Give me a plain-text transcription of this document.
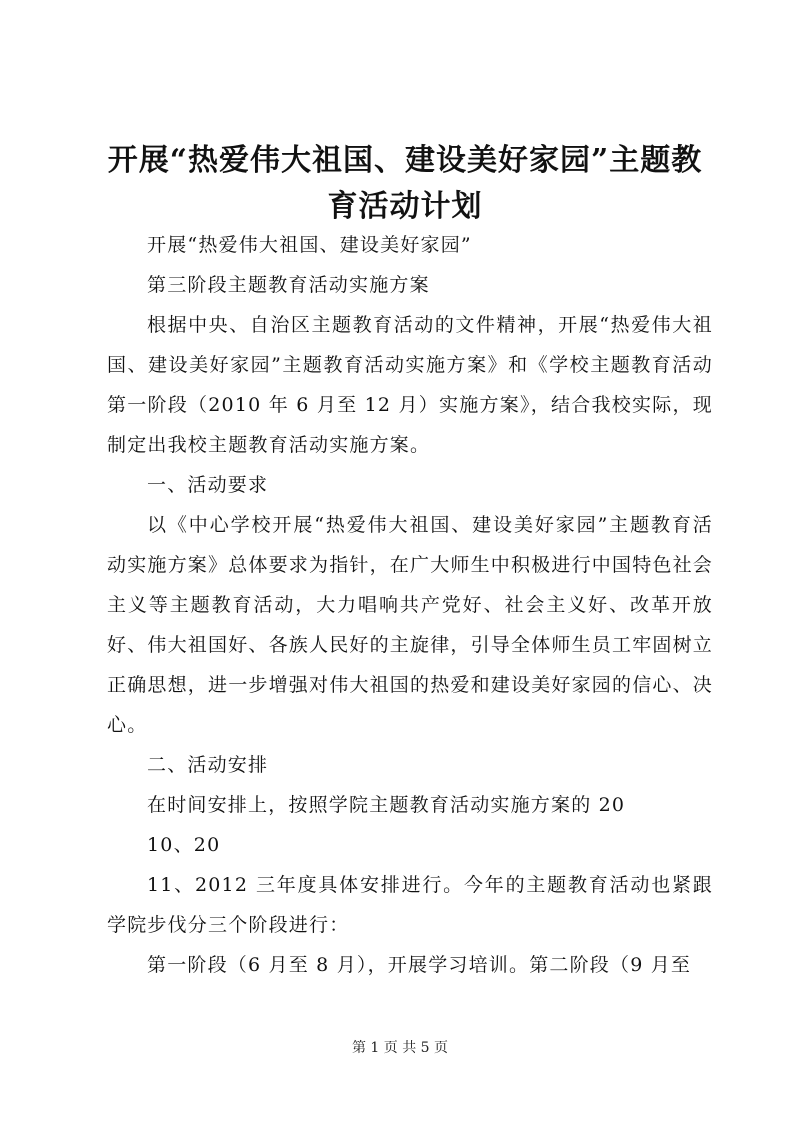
开展“热爱伟大祖国、建设美好家园”主题教育活动计划

开展“热爱伟大祖国、建设美好家园”

第三阶段主题教育活动实施方案

根据中央、自治区主题教育活动的文件精神，开展“热爱伟大祖国、建设美好家园”主题教育活动实施方案》和《学校主题教育活动第一阶段（2010 年 6 月至 12 月）实施方案》，结合我校实际，现制定出我校主题教育活动实施方案。

一、活动要求

以《中心学校开展“热爱伟大祖国、建设美好家园”主题教育活动实施方案》总体要求为指针，在广大师生中积极进行中国特色社会主义等主题教育活动，大力唱响共产党好、社会主义好、改革开放好、伟大祖国好、各族人民好的主旋律，引导全体师生员工牢固树立正确思想，进一步增强对伟大祖国的热爱和建设美好家园的信心、决心。

二、活动安排

在时间安排上，按照学院主题教育活动实施方案的 20

10、20

11、2012 三年度具体安排进行。今年的主题教育活动也紧跟学院步伐分三个阶段进行：

第一阶段（6 月至 8 月），开展学习培训。第二阶段（9 月至

第 1 页 共 5 页
